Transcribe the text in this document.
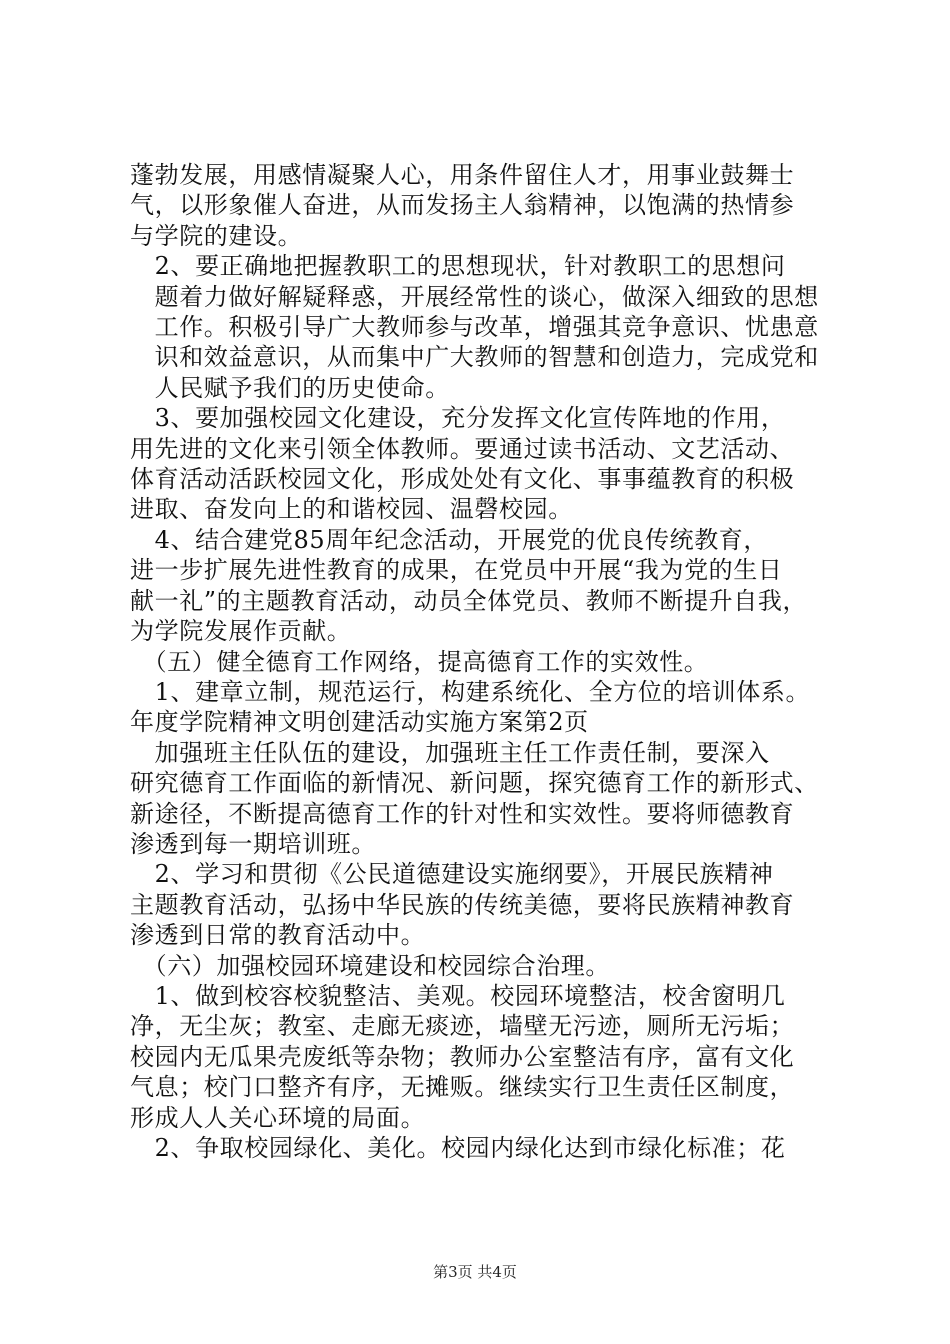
蓬勃发展，用感情凝聚人心，用条件留住人才，用事业鼓舞士
气，以形象催人奋进，从而发扬主人翁精神，以饱满的热情参
与学院的建设。
　2、要正确地把握教职工的思想现状，针对教职工的思想问
　题着力做好解疑释惑，开展经常性的谈心，做深入细致的思想
　工作。积极引导广大教师参与改革，增强其竞争意识、忧患意
　识和效益意识，从而集中广大教师的智慧和创造力，完成党和
　人民赋予我们的历史使命。
　3、要加强校园文化建设，充分发挥文化宣传阵地的作用，
用先进的文化来引领全体教师。要通过读书活动、文艺活动、
体育活动活跃校园文化，形成处处有文化、事事蕴教育的积极
进取、奋发向上的和谐校园、温磬校园。
　4、结合建党85周年纪念活动，开展党的优良传统教育，
进一步扩展先进性教育的成果，在党员中开展“我为党的生日
献一礼”的主题教育活动，动员全体党员、教师不断提升自我，
为学院发展作贡献。
　（五）健全德育工作网络，提高德育工作的实效性。
　1、建章立制，规范运行，构建系统化、全方位的培训体系。
年度学院精神文明创建活动实施方案第2页
　加强班主任队伍的建设，加强班主任工作责任制，要深入
研究德育工作面临的新情况、新问题，探究德育工作的新形式、
新途径，不断提高德育工作的针对性和实效性。要将师德教育
渗透到每一期培训班。
　2、学习和贯彻《公民道德建设实施纲要》，开展民族精神
主题教育活动，弘扬中华民族的传统美德，要将民族精神教育
渗透到日常的教育活动中。
　（六）加强校园环境建设和校园综合治理。
　1、做到校容校貌整洁、美观。校园环境整洁，校舍窗明几
净，无尘灰；教室、走廊无痰迹，墙壁无污迹，厕所无污垢；
校园内无瓜果壳废纸等杂物；教师办公室整洁有序，富有文化
气息；校门口整齐有序，无摊贩。继续实行卫生责任区制度，
形成人人关心环境的局面。
　2、争取校园绿化、美化。校园内绿化达到市绿化标准；花
第3页 共4页
